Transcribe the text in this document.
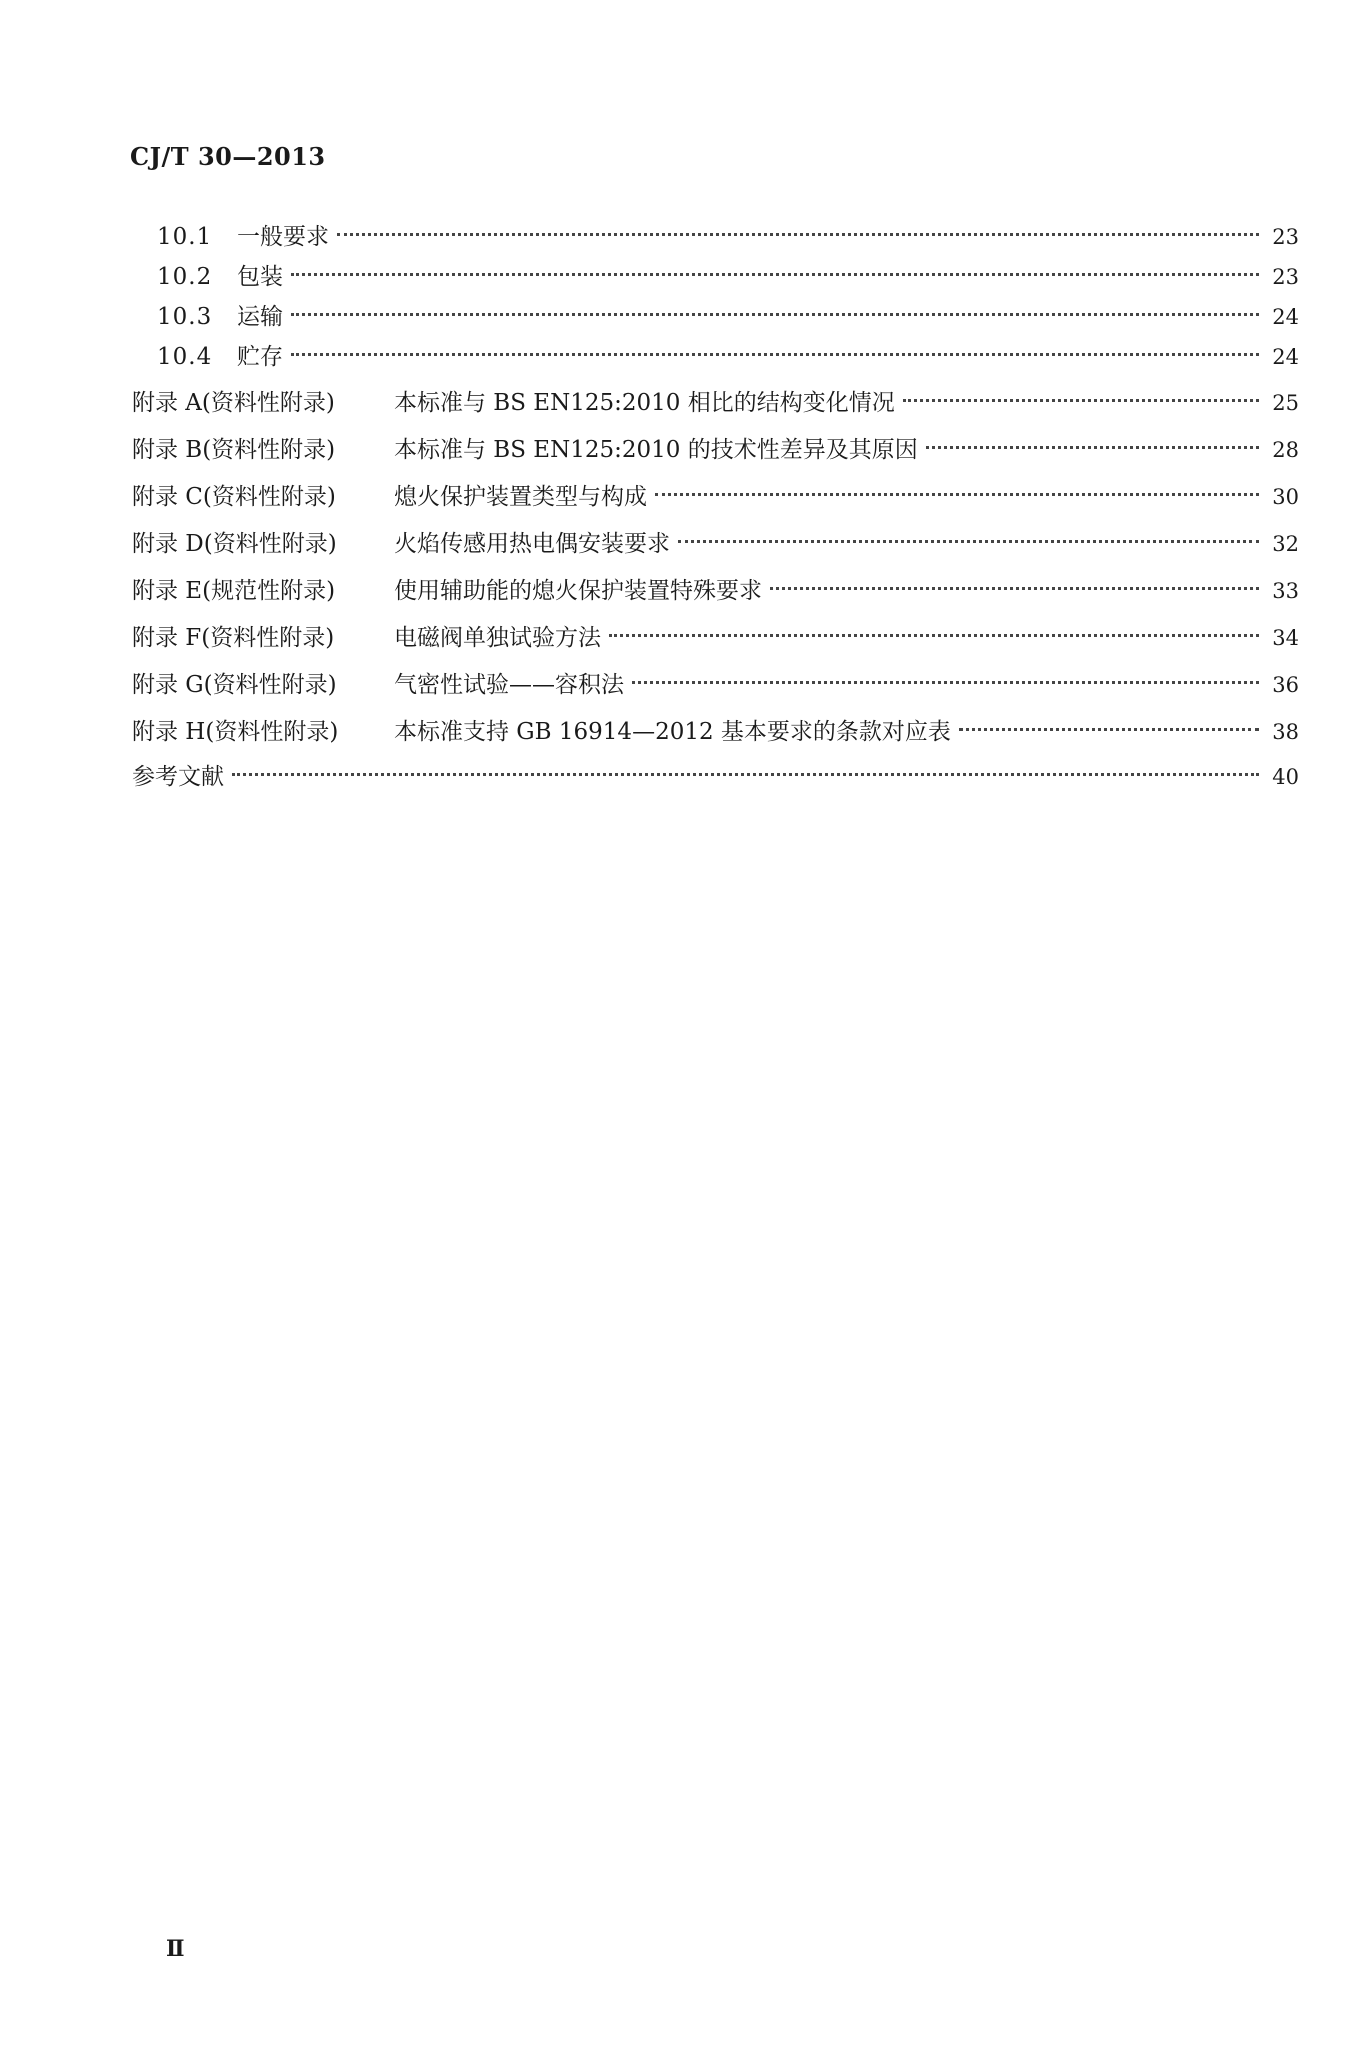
CJ/T 30—2013
10.1	一般要求	23
10.2	包装	23
10.3	运输	24
10.4	贮存	24
附录 A(资料性附录)	本标准与 BS EN125:2010 相比的结构变化情况	25
附录 B(资料性附录)	本标准与 BS EN125:2010 的技术性差异及其原因	28
附录 C(资料性附录)	熄火保护装置类型与构成	30
附录 D(资料性附录) 火焰传感用热电偶安装要求	32
附录 E(规范性附录)	使用辅助能的熄火保护装置特殊要求	33
附录 F(资料性附录)	电磁阀单独试验方法	34
附录 G(资料性附录) 气密性试验——容积法	36
附录 H(资料性附录) 本标准支持 GB 16914—2012 基本要求的条款对应表	38
参考文献	40
Ⅱ
